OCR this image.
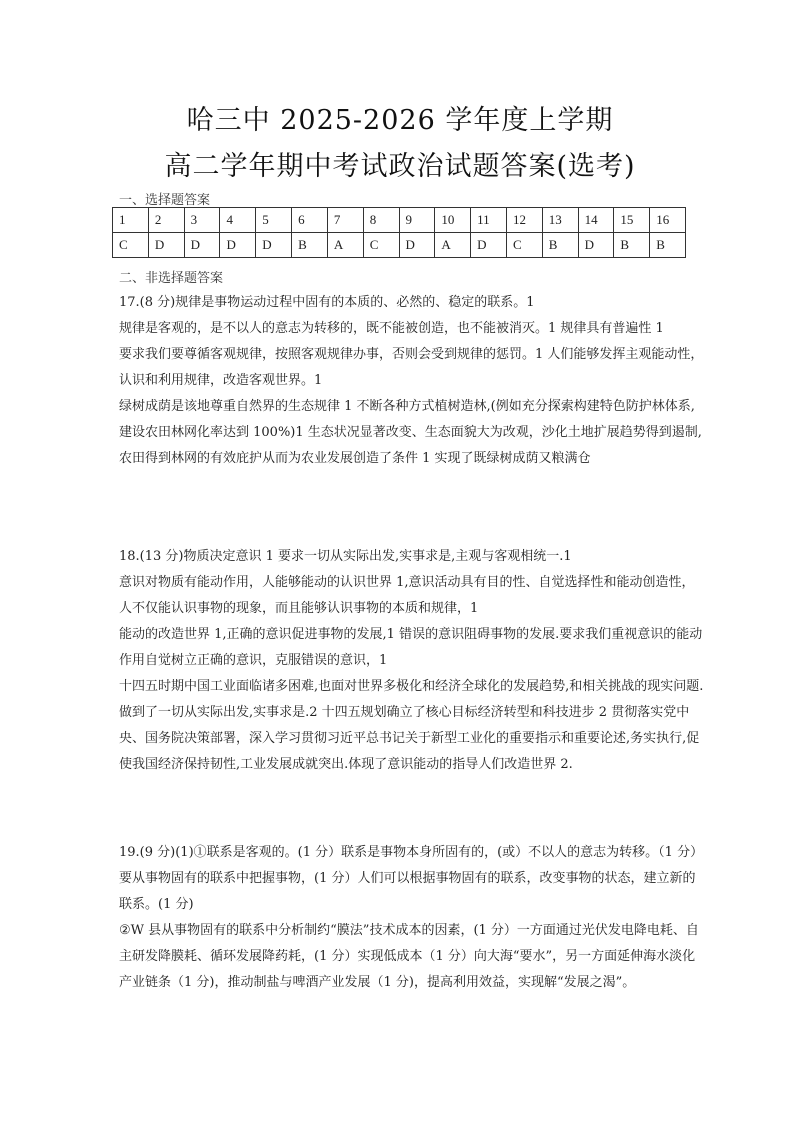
哈三中 2025-2026 学年度上学期
高二学年期中考试政治试题答案(选考)
一、选择题答案
1	2	3	4	5	6	7	8	9	10	11	12	13	14	15	16
C	D	D	D	D	B	A	C	D	A	D	C	B	D	B	B
二、非选择题答案

17.(8 分)规律是事物运动过程中固有的本质的、必然的、稳定的联系。1

规律是客观的，是不以人的意志为转移的，既不能被创造，也不能被消灭。1 规律具有普遍性 1

要求我们要尊循客观规律，按照客观规律办事，否则会受到规律的惩罚。1 人们能够发挥主观能动性，认识和利用规律，改造客观世界。1

绿树成荫是该地尊重自然界的生态规律 1 不断各种方式植树造林,(例如充分探索构建特色防护林体系,建设农田林网化率达到 100%)1 生态状况显著改变、生态面貌大为改观，沙化土地扩展趋势得到遏制,农田得到林网的有效庇护从而为农业发展创造了条件 1 实现了既绿树成荫又粮满仓

18.(13 分)物质决定意识 1 要求一切从实际出发,实事求是,主观与客观相统一.1

意识对物质有能动作用，人能够能动的认识世界 1,意识活动具有目的性、自觉选择性和能动创造性，人不仅能认识事物的现象，而且能够认识事物的本质和规律，1

能动的改造世界 1,正确的意识促进事物的发展,1 错误的意识阻碍事物的发展.要求我们重视意识的能动作用自觉树立正确的意识，克服错误的意识，1

十四五时期中国工业面临诸多困难,也面对世界多极化和经济全球化的发展趋势,和相关挑战的现实问题.做到了一切从实际出发,实事求是.2 十四五规划确立了核心目标经济转型和科技进步 2 贯彻落实党中央、国务院决策部署，深入学习贯彻习近平总书记关于新型工业化的重要指示和重要论述,务实执行,促使我国经济保持韧性,工业发展成就突出.体现了意识能动的指导人们改造世界 2.

19.(9 分)(1)①联系是客观的。(1 分）联系是事物本身所固有的，(或）不以人的意志为转移。（1 分）要从事物固有的联系中把握事物，(1 分）人们可以根据事物固有的联系，改变事物的状态，建立新的联系。(1 分)

②W 县从事物固有的联系中分析制约“膜法”技术成本的因素，(1 分）一方面通过光伏发电降电耗、自主研发降膜耗、循环发展降药耗，(1 分）实现低成本（1 分）向大海“要水”，另一方面延伸海水淡化产业链条（1 分)，推动制盐与啤酒产业发展（1 分)，提高利用效益，实现解“发展之渴”。
